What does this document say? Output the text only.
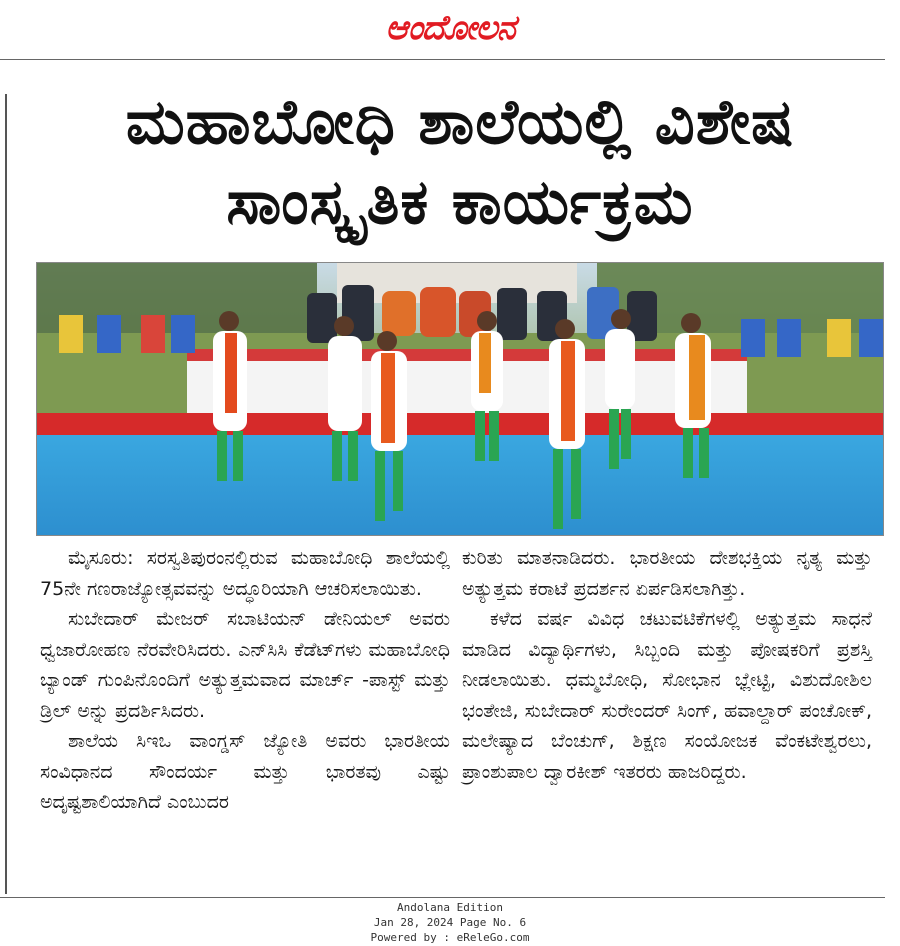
ಆಂದೋಲನ
ಮಹಾಬೋಧಿ ಶಾಲೆಯಲ್ಲಿ ವಿಶೇಷ
ಸಾಂಸ್ಕೃತಿಕ ಕಾರ್ಯಕ್ರಮ

ಮೈಸೂರು: ಸರಸ್ವತಿಪುರಂನಲ್ಲಿರುವ ಮಹಾಬೋಧಿ ಶಾಲೆಯಲ್ಲಿ 75ನೇ ಗಣರಾಜ್ಯೋತ್ಸವವನ್ನು ಅದ್ಧೂರಿಯಾಗಿ ಆಚರಿಸಲಾಯಿತು.

ಸುಬೇದಾರ್ ಮೇಜರ್ ಸಬಾಟಿಯನ್ ಡೇನಿಯಲ್ ಅವರು ಧ್ವಜಾರೋಹಣ ನೆರವೇರಿಸಿದರು. ಎನ್‌ಸಿಸಿ ಕೆಡೆಟ್‌ಗಳು ಮಹಾಬೋಧಿ ಬ್ಯಾಂಡ್ ಗುಂಪಿನೊಂದಿಗೆ ಅತ್ಯುತ್ತಮವಾದ ಮಾರ್ಚ್ -ಪಾಸ್ಟ್ ಮತ್ತು ಡ್ರಿಲ್ ಅನ್ನು ಪ್ರದರ್ಶಿಸಿದರು.

ಶಾಲೆಯ ಸಿಇಒ ವಾಂಗ್ಡಸ್ ಜ್ಯೋತಿ ಅವರು ಭಾರತೀಯ ಸಂವಿಧಾನದ ಸೌಂದರ್ಯ ಮತ್ತು ಭಾರತವು ಎಷ್ಟು ಅದೃಷ್ಟಶಾಲಿಯಾಗಿದೆ ಎಂಬುದರ

ಕುರಿತು ಮಾತನಾಡಿದರು. ಭಾರತೀಯ ದೇಶಭಕ್ತಿಯ ನೃತ್ಯ ಮತ್ತು ಅತ್ಯುತ್ತಮ ಕರಾಟೆ ಪ್ರದರ್ಶನ ಏರ್ಪಡಿಸಲಾಗಿತ್ತು.

ಕಳೆದ ವರ್ಷ ವಿವಿಧ ಚಟುವಟಿಕೆಗಳಲ್ಲಿ ಅತ್ಯುತ್ತಮ ಸಾಧನೆ ಮಾಡಿದ ವಿದ್ಯಾರ್ಥಿಗಳು, ಸಿಬ್ಬಂದಿ ಮತ್ತು ಪೋಷಕರಿಗೆ ಪ್ರಶಸ್ತಿ ನೀಡಲಾಯಿತು. ಧಮ್ಮಬೋಧಿ, ಸೋಭಾನ ಭ್ಲೇಟ್ಟಿ, ವಿಶುದೋಶಿಲ ಭಂತೇಜಿ, ಸುಬೇದಾರ್ ಸುರೇಂದರ್ ಸಿಂಗ್, ಹವಾಲ್ದಾರ್ ಪಂಚೋಕ್, ಮಲೇಷ್ಯಾದ ಬೆಂಚುಗ್, ಶಿಕ್ಷಣ ಸಂಯೋಜಕ ವೆಂಕಟೇಶ್ವರಲು, ಪ್ರಾಂಶುಪಾಲ ದ್ವಾರಕೀಶ್ ಇತರರು ಹಾಜರಿದ್ದರು.

Andolana Edition
Jan 28, 2024 Page No. 6
Powered by : eReleGo.com
